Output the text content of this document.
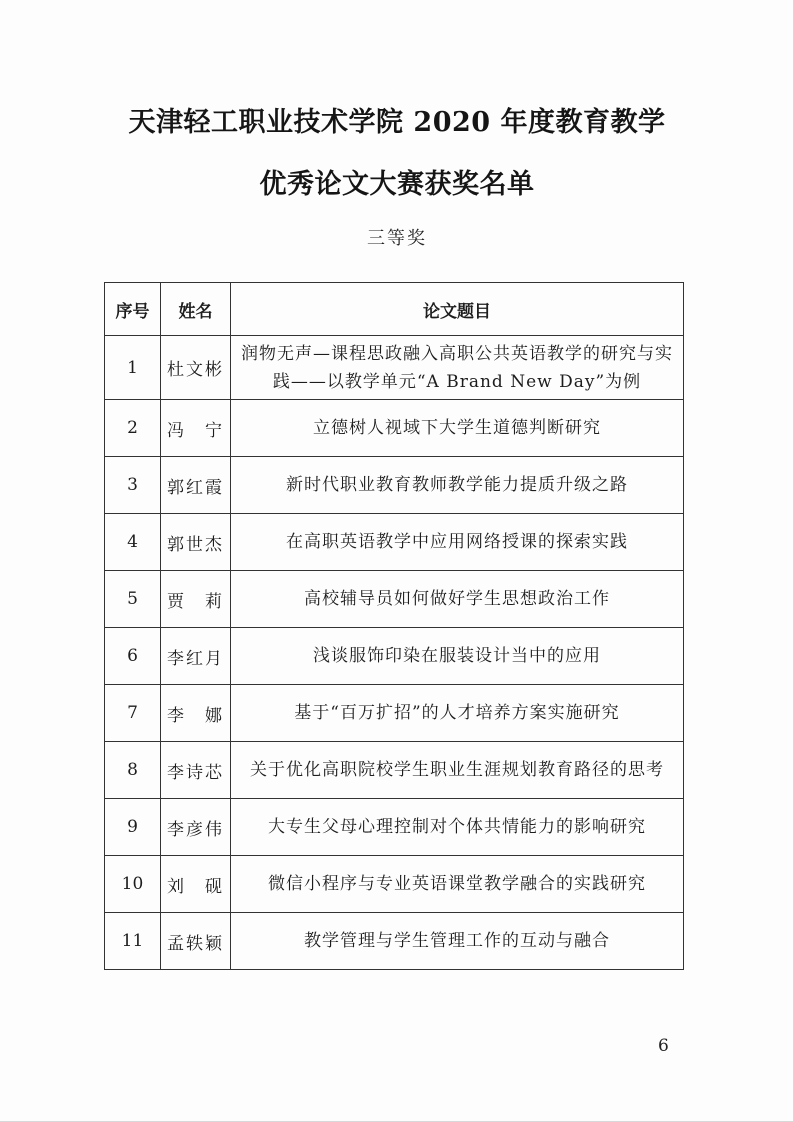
天津轻工职业技术学院 2020 年度教育教学
优秀论文大赛获奖名单
三等奖
序号	姓名	论文题目
1	杜文彬	润物无声—课程思政融入高职公共英语教学的研究与实践——以教学单元“A Brand New Day”为例
2	冯　宁	立德树人视域下大学生道德判断研究
3	郭红霞	新时代职业教育教师教学能力提质升级之路
4	郭世杰	在高职英语教学中应用网络授课的探索实践
5	贾　莉	高校辅导员如何做好学生思想政治工作
6	李红月	浅谈服饰印染在服装设计当中的应用
7	李　娜	基于“百万扩招”的人才培养方案实施研究
8	李诗芯	关于优化高职院校学生职业生涯规划教育路径的思考
9	李彦伟	大专生父母心理控制对个体共情能力的影响研究
10	刘　砚	微信小程序与专业英语课堂教学融合的实践研究
11	孟轶颖	教学管理与学生管理工作的互动与融合
6
